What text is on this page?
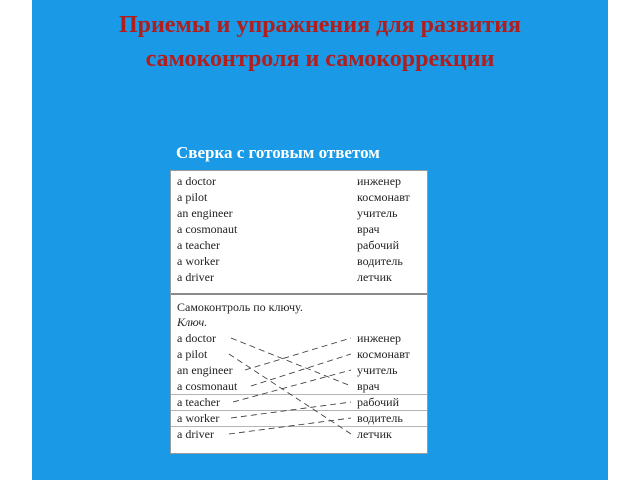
Приемы и упражнения для развития
самоконтроля и самокоррекции
Сверка с готовым ответом
a doctor	инженер
a pilot	космонавт
an engineer	учитель
a cosmonaut	врач
a teacher	рабочий
a worker	водитель
a driver	летчик
Самоконтроль по ключу.
Ключ.
a doctor	инженер
a pilot	космонавт
an engineer	учитель
a cosmonaut	врач
a teacher	рабочий
a worker	водитель
a driver	летчик
